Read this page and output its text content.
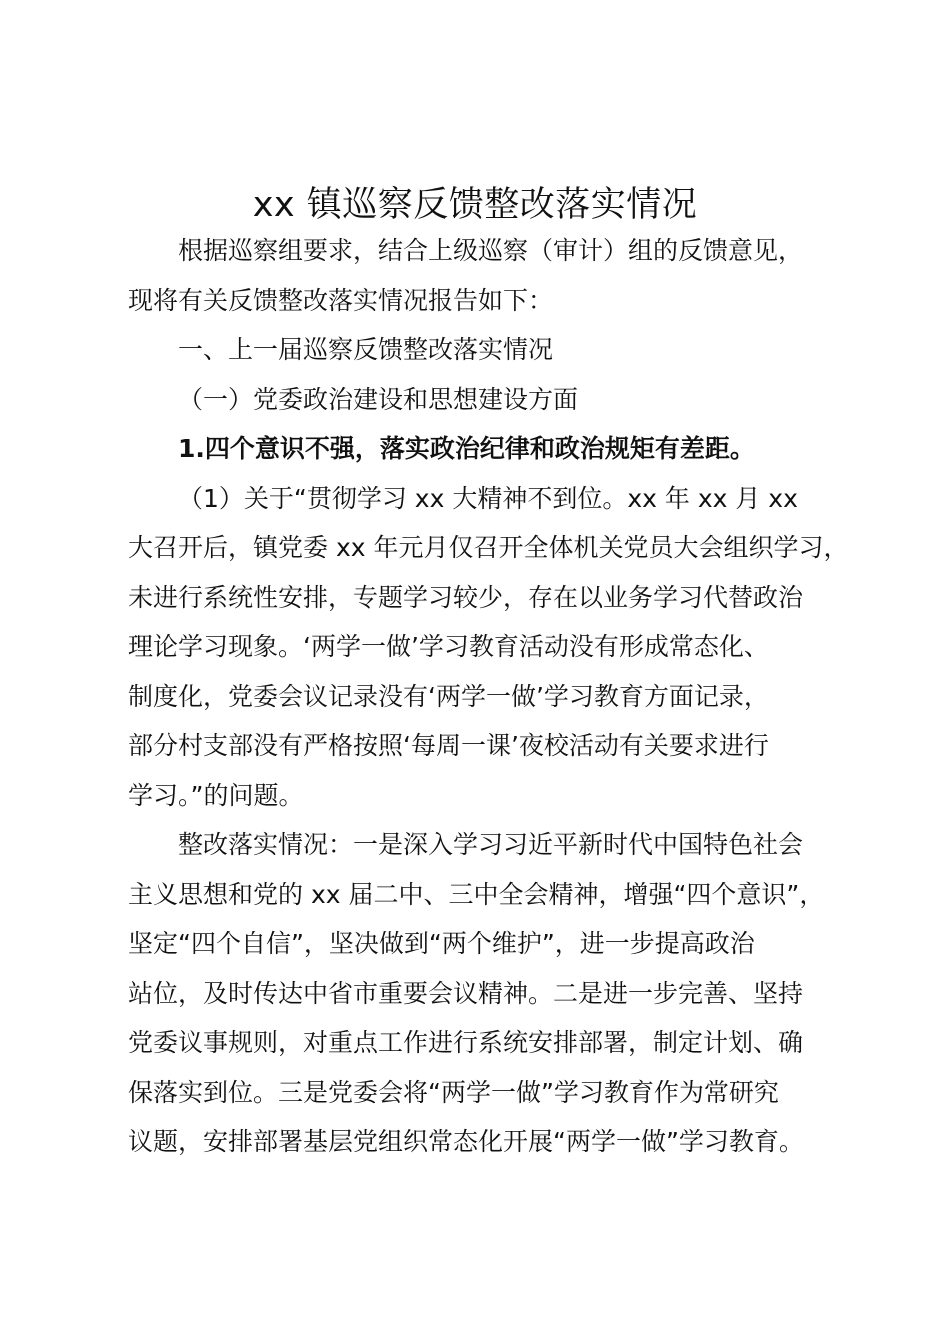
xx 镇巡察反馈整改落实情况

根据巡察组要求，结合上级巡察（审计）组的反馈意见，
现将有关反馈整改落实情况报告如下：

一、上一届巡察反馈整改落实情况

（一）党委政治建设和思想建设方面

1.四个意识不强，落实政治纪律和政治规矩有差距。

（1）关于“贯彻学习 xx 大精神不到位。xx 年 xx 月 xx
大召开后，镇党委 xx 年元月仅召开全体机关党员大会组织学习，
未进行系统性安排，专题学习较少，存在以业务学习代替政治
理论学习现象。‘两学一做’学习教育活动没有形成常态化、
制度化，党委会议记录没有‘两学一做’学习教育方面记录，
部分村支部没有严格按照‘每周一课’夜校活动有关要求进行
学习。”的问题。

整改落实情况：一是深入学习习近平新时代中国特色社会
主义思想和党的 xx 届二中、三中全会精神，增强“四个意识”，
坚定“四个自信”，坚决做到“两个维护”，进一步提高政治
站位，及时传达中省市重要会议精神。二是进一步完善、坚持
党委议事规则，对重点工作进行系统安排部署，制定计划、确
保落实到位。三是党委会将“两学一做”学习教育作为常研究
议题，安排部署基层党组织常态化开展“两学一做”学习教育。
